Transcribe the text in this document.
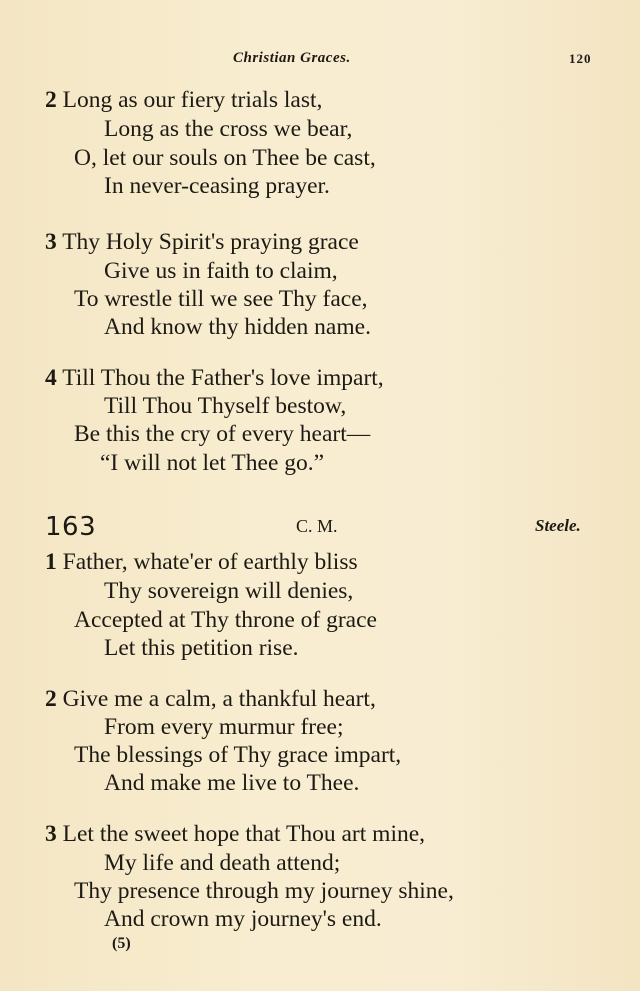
Christian Graces.	120
2 Long as our fiery trials last,
Long as the cross we bear,
O, let our souls on Thee be cast,
In never-ceasing prayer.
3 Thy Holy Spirit's praying grace
Give us in faith to claim,
To wrestle till we see Thy face,
And know thy hidden name.
4 Till Thou the Father's love impart,
Till Thou Thyself bestow,
Be this the cry of every heart—
“I will not let Thee go.”
163	C. M.	Steele.
1 Father, whate'er of earthly bliss
Thy sovereign will denies,
Accepted at Thy throne of grace
Let this petition rise.
2 Give me a calm, a thankful heart,
From every murmur free;
The blessings of Thy grace impart,
And make me live to Thee.
3 Let the sweet hope that Thou art mine,
My life and death attend;
Thy presence through my journey shine,
And crown my journey's end.
(5)
